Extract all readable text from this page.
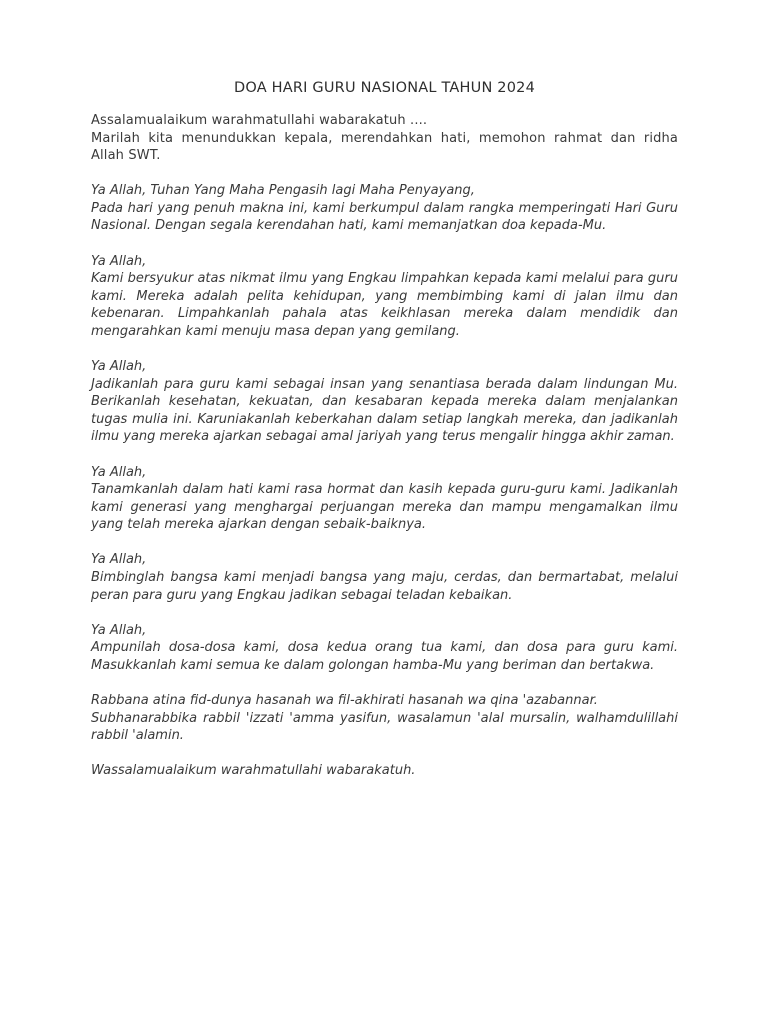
DOA HARI GURU NASIONAL TAHUN 2024

Assalamualaikum warahmatullahi wabarakatuh ....

Marilah kita menundukkan kepala, merendahkan hati, memohon rahmat dan ridha Allah SWT.

Ya Allah, Tuhan Yang Maha Pengasih lagi Maha Penyayang,

Pada hari yang penuh makna ini, kami berkumpul dalam rangka memperingati Hari Guru Nasional. Dengan segala kerendahan hati, kami memanjatkan doa kepada-Mu.

Ya Allah,

Kami bersyukur atas nikmat ilmu yang Engkau limpahkan kepada kami melalui para guru kami. Mereka adalah pelita kehidupan, yang membimbing kami di jalan ilmu dan kebenaran. Limpahkanlah pahala atas keikhlasan mereka dalam mendidik dan mengarahkan kami menuju masa depan yang gemilang.

Ya Allah,

Jadikanlah para guru kami sebagai insan yang senantiasa berada dalam lindungan Mu. Berikanlah kesehatan, kekuatan, dan kesabaran kepada mereka dalam menjalankan tugas mulia ini. Karuniakanlah keberkahan dalam setiap langkah mereka, dan jadikanlah ilmu yang mereka ajarkan sebagai amal jariyah yang terus mengalir hingga akhir zaman.

Ya Allah,

Tanamkanlah dalam hati kami rasa hormat dan kasih kepada guru-guru kami. Jadikanlah kami generasi yang menghargai perjuangan mereka dan mampu mengamalkan ilmu yang telah mereka ajarkan dengan sebaik-baiknya.

Ya Allah,

Bimbinglah bangsa kami menjadi bangsa yang maju, cerdas, dan bermartabat, melalui peran para guru yang Engkau jadikan sebagai teladan kebaikan.

Ya Allah,

Ampunilah dosa-dosa kami, dosa kedua orang tua kami, dan dosa para guru kami. Masukkanlah kami semua ke dalam golongan hamba-Mu yang beriman dan bertakwa.

Rabbana atina fid-dunya hasanah wa fil-akhirati hasanah wa qina 'azabannar.

Subhanarabbika rabbil 'izzati 'amma yasifun, wasalamun 'alal mursalin, walhamdulillahi rabbil 'alamin.

Wassalamualaikum warahmatullahi wabarakatuh.
